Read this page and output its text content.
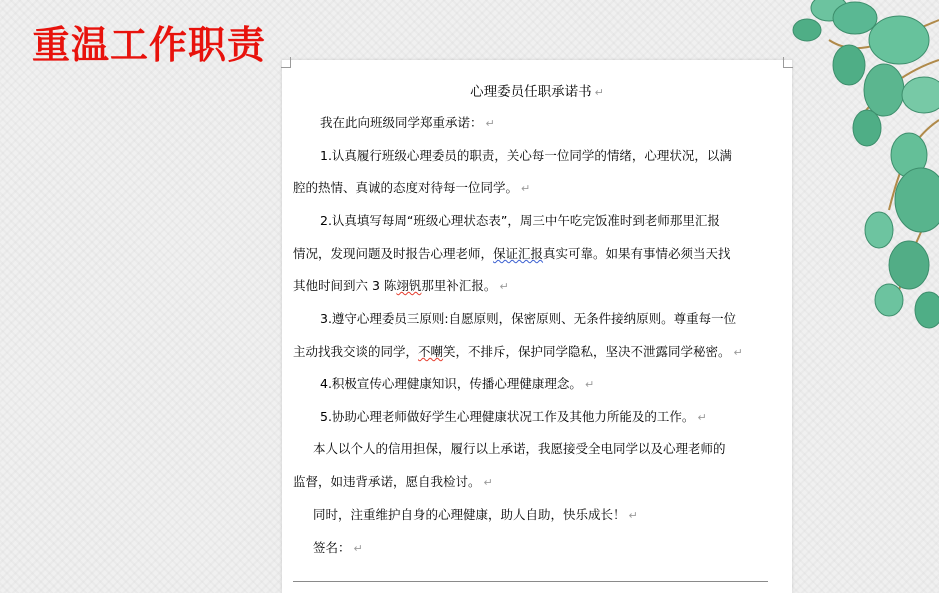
重温工作职责
心理委员任职承诺书 ↵
我在此向班级同学郑重承诺： ↵
1.认真履行班级心理委员的职责，关心每一位同学的情绪，心理状况，以满
腔的热情、真诚的态度对待每一位同学。 ↵
2.认真填写每周“班级心理状态表”，周三中午吃完饭准时到老师那里汇报
情况，发现问题及时报告心理老师，保证汇报真实可靠。如果有事情必须当天找
其他时间到六 3 陈翊钒那里补汇报。 ↵
3.遵守心理委员三原则:自愿原则，保密原则、无条件接纳原则。尊重每一位
主动找我交谈的同学，不嘲笑，不排斥，保护同学隐私，坚决不泄露同学秘密。 ↵
4.积极宣传心理健康知识，传播心理健康理念。 ↵
5.协助心理老师做好学生心理健康状况工作及其他力所能及的工作。 ↵
本人以个人的信用担保，履行以上承诺，我愿接受全电同学以及心理老师的
监督，如违背承诺，愿自我检讨。 ↵
同时，注重维护自身的心理健康，助人自助，快乐成长！ ↵
签名： ↵
